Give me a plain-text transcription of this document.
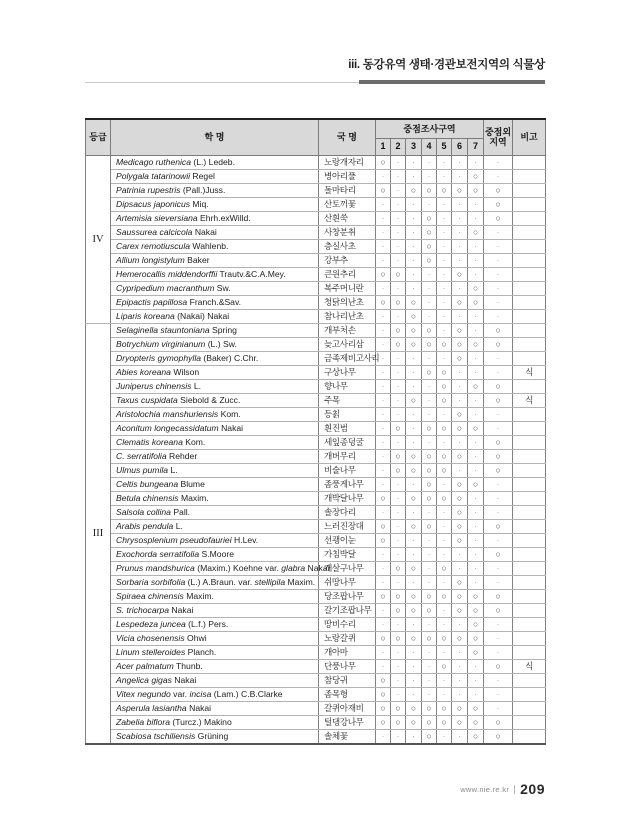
iii. 동강유역 생태·경관보전지역의 식물상
등급	학 명	국 명	중점조사구역							중점외
지역	비고
			1	2	3	4	5	6	7		
IV	Medicago ruthenica (L.) Ledeb.	노랑개자리	○	·	·	·	·	·	·	·	
	Polygala tatarinowii Regel	병아리풀	·	·	·	·	·	·	○	·	
	Patrinia rupestris (Pall.)Juss.	돌마타리	○	·	○	○	○	○	○	○	
	Dipsacus japonicus Miq.	산토끼꽃	·	·	·	·	·	·	·	○	
	Artemisia sieversiana Ehrh.exWilld.	산흰쑥	·	·	·	○	·	·	·	○	
	Saussurea calcicola Nakai	사창분취	·	·	·	○	·	·	○	·	
	Carex remotiuscula Wahlenb.	층실사초	·	·	·	○	·	·	·	·	
	Allium longistylum Baker	강부추	·	·	·	○	·	·	·	·	
	Hemerocallis middendorffii Trautv.&C.A.Mey.	큰원추리	○	○	·	·	·	○	·	·	
	Cypripedium macranthum Sw.	복주머니란	·	·	·	·	·	·	○	·	
	Epipactis papillosa Franch.&Sav.	청닭의난초	○	○	○	·	·	○	○	·	
	Liparis koreana (Nakai) Nakai	참나리난초	·	·	○	·	·	·	·	·	
III	Selaginella stauntoniana Spring	개부처손	·	○	○	○	·	○	·	○	
	Botrychium virginianum (L.) Sw.	늦고사리삼	·	○	○	○	○	○	○	○	
	Dryopteris gymophylla (Baker) C.Chr.	금족제비고사리	·	·	·	·	·	○	·	·	
	Abies koreana Wilson	구상나무	·	·	·	○	○	·	·	·	식
	Juniperus chinensis L.	향나무	·	·	·	·	○	·	○	○	
	Taxus cuspidata Siebold & Zucc.	주목	·	·	○	·	○	·	·	○	식
	Aristolochia manshuriensis Kom.	등칡	·	·	·	·	·	○	·	·	
	Aconitum longecassidatum Nakai	흰진범	·	○	·	○	○	○	○	·	
	Clematis koreana Kom.	세잎종덩굴	·	·	·	·	·	·	·	○	
	C. serratifolia Rehder	개버무리	·	○	○	○	○	○	·	○	
	Ulmus pumila L.	비술나무	·	○	○	○	○	·	·	○	
	Celtis bungeana Blume	좀풍게나무	·	·	·	○	·	○	○	·	
	Betula chinensis Maxim.	개박달나무	○	·	○	○	○	○	·	·	
	Salsola collina Pall.	솔장다리	·	·	·	·	·	○	·	·	
	Arabis pendula L.	느러진장대	○	·	○	○	·	○	·	○	
	Chrysosplenium pseudofauriei H.Lev.	선괭이눈	○	·	·	·	·	○	·	·	
	Exochorda serratifolia S.Moore	가침박달	·	·	·	·	·	·	·	○	
	Prunus mandshurica (Maxim.) Koehne var. glabra Nakai	개살구나무	·	○	○	·	○	·	·	·	
	Sorbaria sorbifolia (L.) A.Braun. var. stellipila Maxim.	쉬땅나무	·	·	·	·	·	○	·	·	
	Spiraea chinensis Maxim.	당조팝나무	○	○	○	○	○	○	○	○	
	S. trichocarpa Nakai	갈기조팝나무	·	○	○	○	·	○	○	○	
	Lespedeza juncea (L.f.) Pers.	땅비수리	·	·	·	·	·	·	○	·	
	Vicia chosenensis Ohwi	노랑갈퀴	○	○	○	○	○	○	○	·	
	Linum stelleroides Planch.	개아마	·	·	·	·	·	·	○	·	
	Acer palmatum Thunb.	단풍나무	·	·	·	·	○	·	·	○	식
	Angelica gigas Nakai	참당귀	○	·	·	·	·	·	·	·	
	Vitex negundo var. incisa (Lam.) C.B.Clarke	좀목형	○	·	·	·	·	·	·	·	
	Asperula lasiantha Nakai	갈퀴아재비	○	○	○	○	○	○	○	·	
	Zabelia biflora (Turcz.) Makino	털댕강나무	○	○	○	○	○	○	○	○	
	Scabiosa tschiliensis Grüning	솔체꽃	·	·	·	○	·	·	○	○	
www.nie.re.kr 209
